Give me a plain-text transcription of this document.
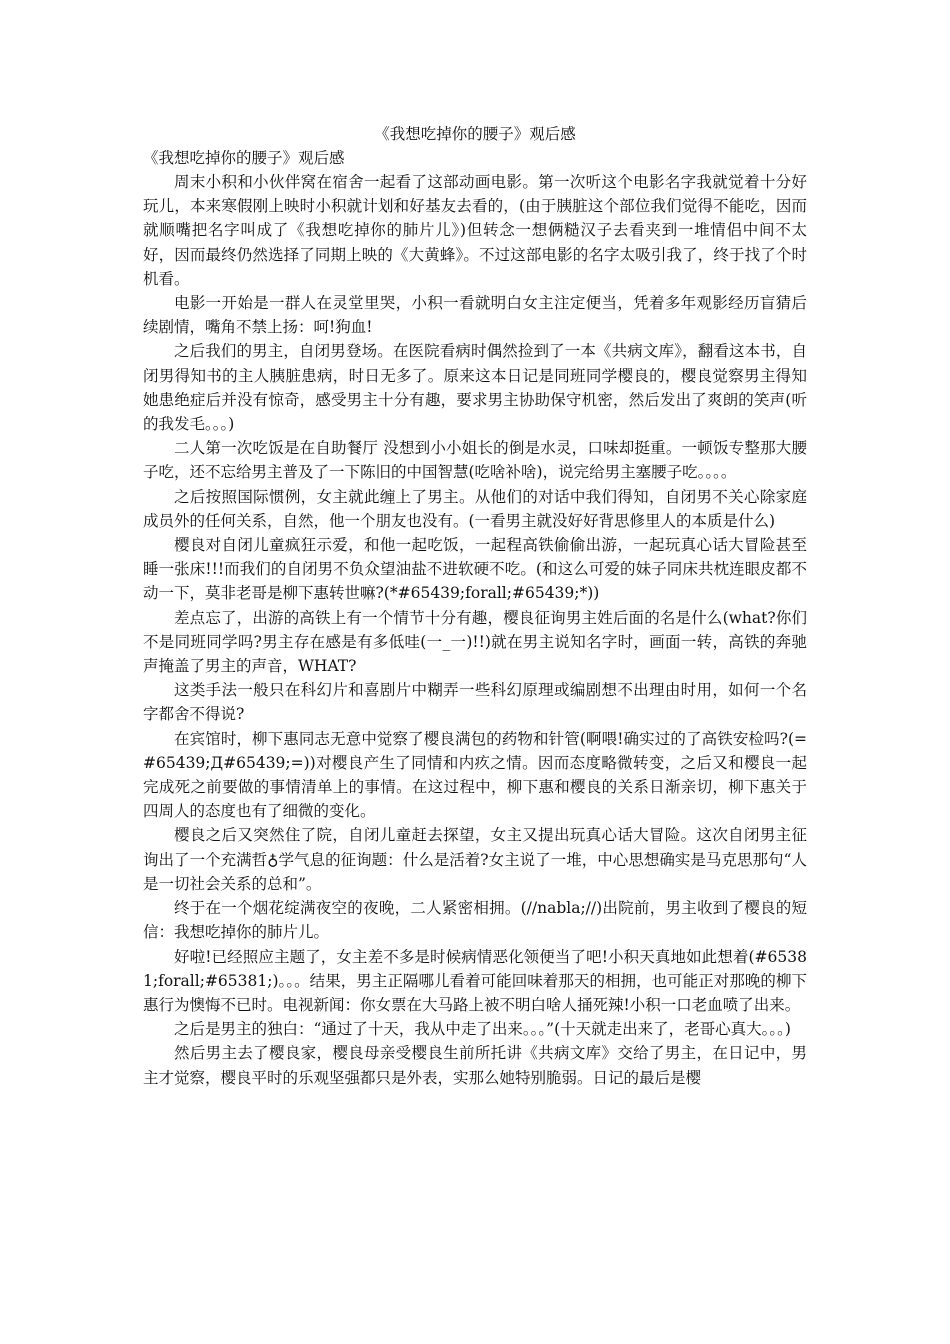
《我想吃掉你的腰子》观后感

《我想吃掉你的腰子》观后感

周末小积和小伙伴窝在宿舍一起看了这部动画电影。第一次听这个电影名字我就觉着十分好玩儿，本来寒假刚上映时小积就计划和好基友去看的，(由于胰脏这个部位我们觉得不能吃，因而就顺嘴把名字叫成了《我想吃掉你的肺片儿》)但转念一想俩糙汉子去看夹到一堆情侣中间不太好，因而最终仍然选择了同期上映的《大黄蜂》。不过这部电影的名字太吸引我了，终于找了个时机看。

电影一开始是一群人在灵堂里哭，小积一看就明白女主注定便当，凭着多年观影经历盲猜后续剧情，嘴角不禁上扬：呵!狗血!

之后我们的男主，自闭男登场。在医院看病时偶然捡到了一本《共病文库》，翻看这本书，自闭男得知书的主人胰脏患病，时日无多了。原来这本日记是同班同学樱良的，樱良觉察男主得知她患绝症后并没有惊奇，感受男主十分有趣，要求男主协助保守机密，然后发出了爽朗的笑声(听的我发毛。。。)

二人第一次吃饭是在自助餐厅 没想到小小姐长的倒是水灵，口味却挺重。一顿饭专整那大腰子吃，还不忘给男主普及了一下陈旧的中国智慧(吃啥补啥)，说完给男主塞腰子吃。。。。

之后按照国际惯例，女主就此缠上了男主。从他们的对话中我们得知，自闭男不关心除家庭成员外的任何关系，自然，他一个朋友也没有。(一看男主就没好好背思修里人的本质是什么)

樱良对自闭儿童疯狂示爱，和他一起吃饭，一起程高铁偷偷出游，一起玩真心话大冒险甚至睡一张床!!!而我们的自闭男不负众望油盐不进软硬不吃。(和这么可爱的妹子同床共枕连眼皮都不动一下，莫非老哥是柳下惠转世嘛?(*#65439;forall;#65439;*))

差点忘了，出游的高铁上有一个情节十分有趣，樱良征询男主姓后面的名是什么(what?你们不是同班同学吗?男主存在感是有多低哇(一_一)!!)就在男主说知名字时，画面一转，高铁的奔驰声掩盖了男主的声音，WHAT?

这类手法一般只在科幻片和喜剧片中糊弄一些科幻原理或编剧想不出理由时用，如何一个名字都舍不得说?

在宾馆时，柳下惠同志无意中觉察了樱良满包的药物和针管(啊喂!确实过的了高铁安检吗?(=#65439;Д#65439;=))对樱良产生了同情和内疚之情。因而态度略微转变，之后又和樱良一起完成死之前要做的事情清单上的事情。在这过程中，柳下惠和樱良的关系日渐亲切，柳下惠关于四周人的态度也有了细微的变化。

樱良之后又突然住了院，自闭儿童赶去探望，女主又提出玩真心话大冒险。这次自闭男主征询出了一个充满哲♁学气息的征询题：什么是活着?女主说了一堆，中心思想确实是马克思那句“人是一切社会关系的总和”。

终于在一个烟花绽满夜空的夜晚，二人紧密相拥。(//nabla;//)出院前，男主收到了樱良的短信：我想吃掉你的肺片儿。

好啦!已经照应主题了，女主差不多是时候病情恶化领便当了吧!小积天真地如此想着(#65381;forall;#65381;)。。。结果，男主正隔哪儿看着可能回味着那天的相拥，也可能正对那晚的柳下惠行为懊悔不已时。电视新闻：你女票在大马路上被不明白啥人捅死辣!小积一口老血喷了出来。

之后是男主的独白：“通过了十天，我从中走了出来。。。”(十天就走出来了，老哥心真大。。。)

然后男主去了樱良家，樱良母亲受樱良生前所托讲《共病文库》交给了男主，在日记中，男主才觉察，樱良平时的乐观坚强都只是外表，实那么她特别脆弱。日记的最后是樱
